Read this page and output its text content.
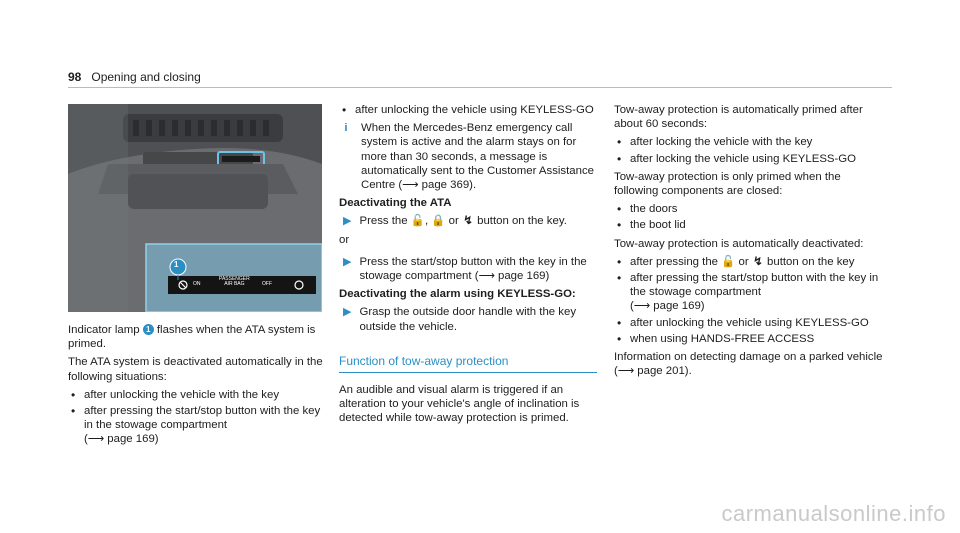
98 Opening and closing
1
ON
PASSENGER
AIR BAG	OFF

Indicator lamp 1 flashes when the ATA system is primed.

The ATA system is deactivated automatically in the following situations:

• after unlocking the vehicle with the key
• after pressing the start/stop button with the key in the stowage compartment
(⟶ page 169)
• after unlocking the vehicle using KEYLESS-GO
i	When the Mercedes-Benz emergency call system is active and the alarm stays on for more than 30 seconds, a message is automatically sent to the Customer Assistance Centre (⟶ page 369).
Deactivating the ATA
▶ Press the 🔓, 🔒 or ↯ button on the key.

or

▶ Press the start/stop button with the key in the stowage compartment (⟶ page 169)
Deactivating the alarm using KEYLESS-GO:
▶ Grasp the outside door handle with the key outside the vehicle.
Function of tow-away protection

An audible and visual alarm is triggered if an alteration to your vehicle's angle of inclination is detected while tow-away protection is primed.

Tow-away protection is automatically primed after about 60 seconds:

• after locking the vehicle with the key
• after locking the vehicle using KEYLESS-GO

Tow-away protection is only primed when the following components are closed:

• the doors
• the boot lid

Tow-away protection is automatically deactivated:

• after pressing the 🔓 or ↯ button on the key
• after pressing the start/stop button with the key in the stowage compartment
(⟶ page 169)
• after unlocking the vehicle using KEYLESS-GO
• when using HANDS-FREE ACCESS

Information on detecting damage on a parked vehicle (⟶ page 201).

carmanualsonline.info
